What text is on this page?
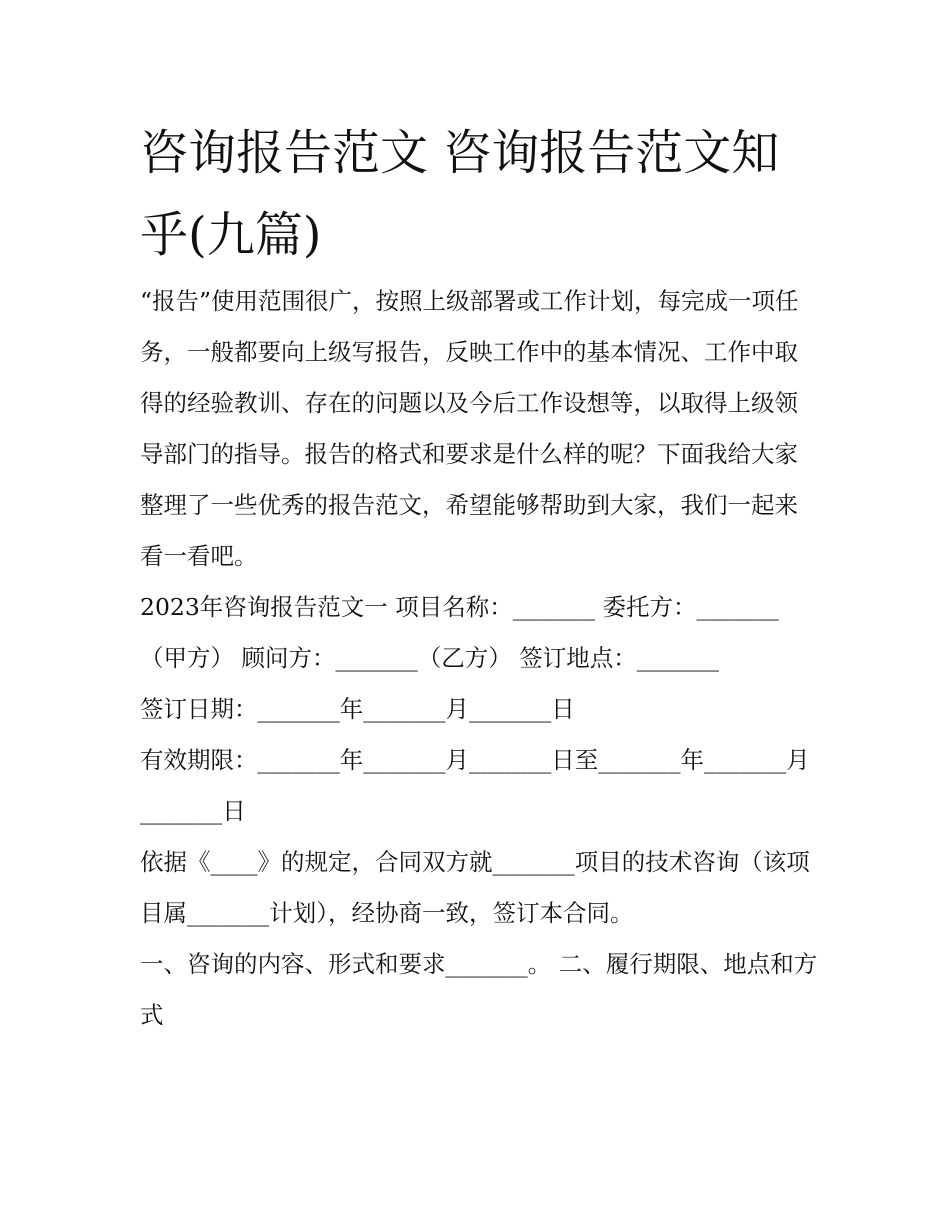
咨询报告范文 咨询报告范文知乎(九篇)

“报告”使用范围很广，按照上级部署或工作计划，每完成一项任务，一般都要向上级写报告，反映工作中的基本情况、工作中取得的经验教训、存在的问题以及今后工作设想等，以取得上级领导部门的指导。报告的格式和要求是什么样的呢？下面我给大家整理了一些优秀的报告范文，希望能够帮助到大家，我们一起来看一看吧。

2023年咨询报告范文一 项目名称：_______ 委托方：_______（甲方） 顾问方：_______（乙方） 签订地点：_______

签订日期：_______年_______月_______日

有效期限：_______年_______月_______日至_______年_______月_______日

依据《____》的规定，合同双方就_______项目的技术咨询（该项目属_______计划），经协商一致，签订本合同。

一、咨询的内容、形式和要求_______。 二、履行期限、地点和方式
